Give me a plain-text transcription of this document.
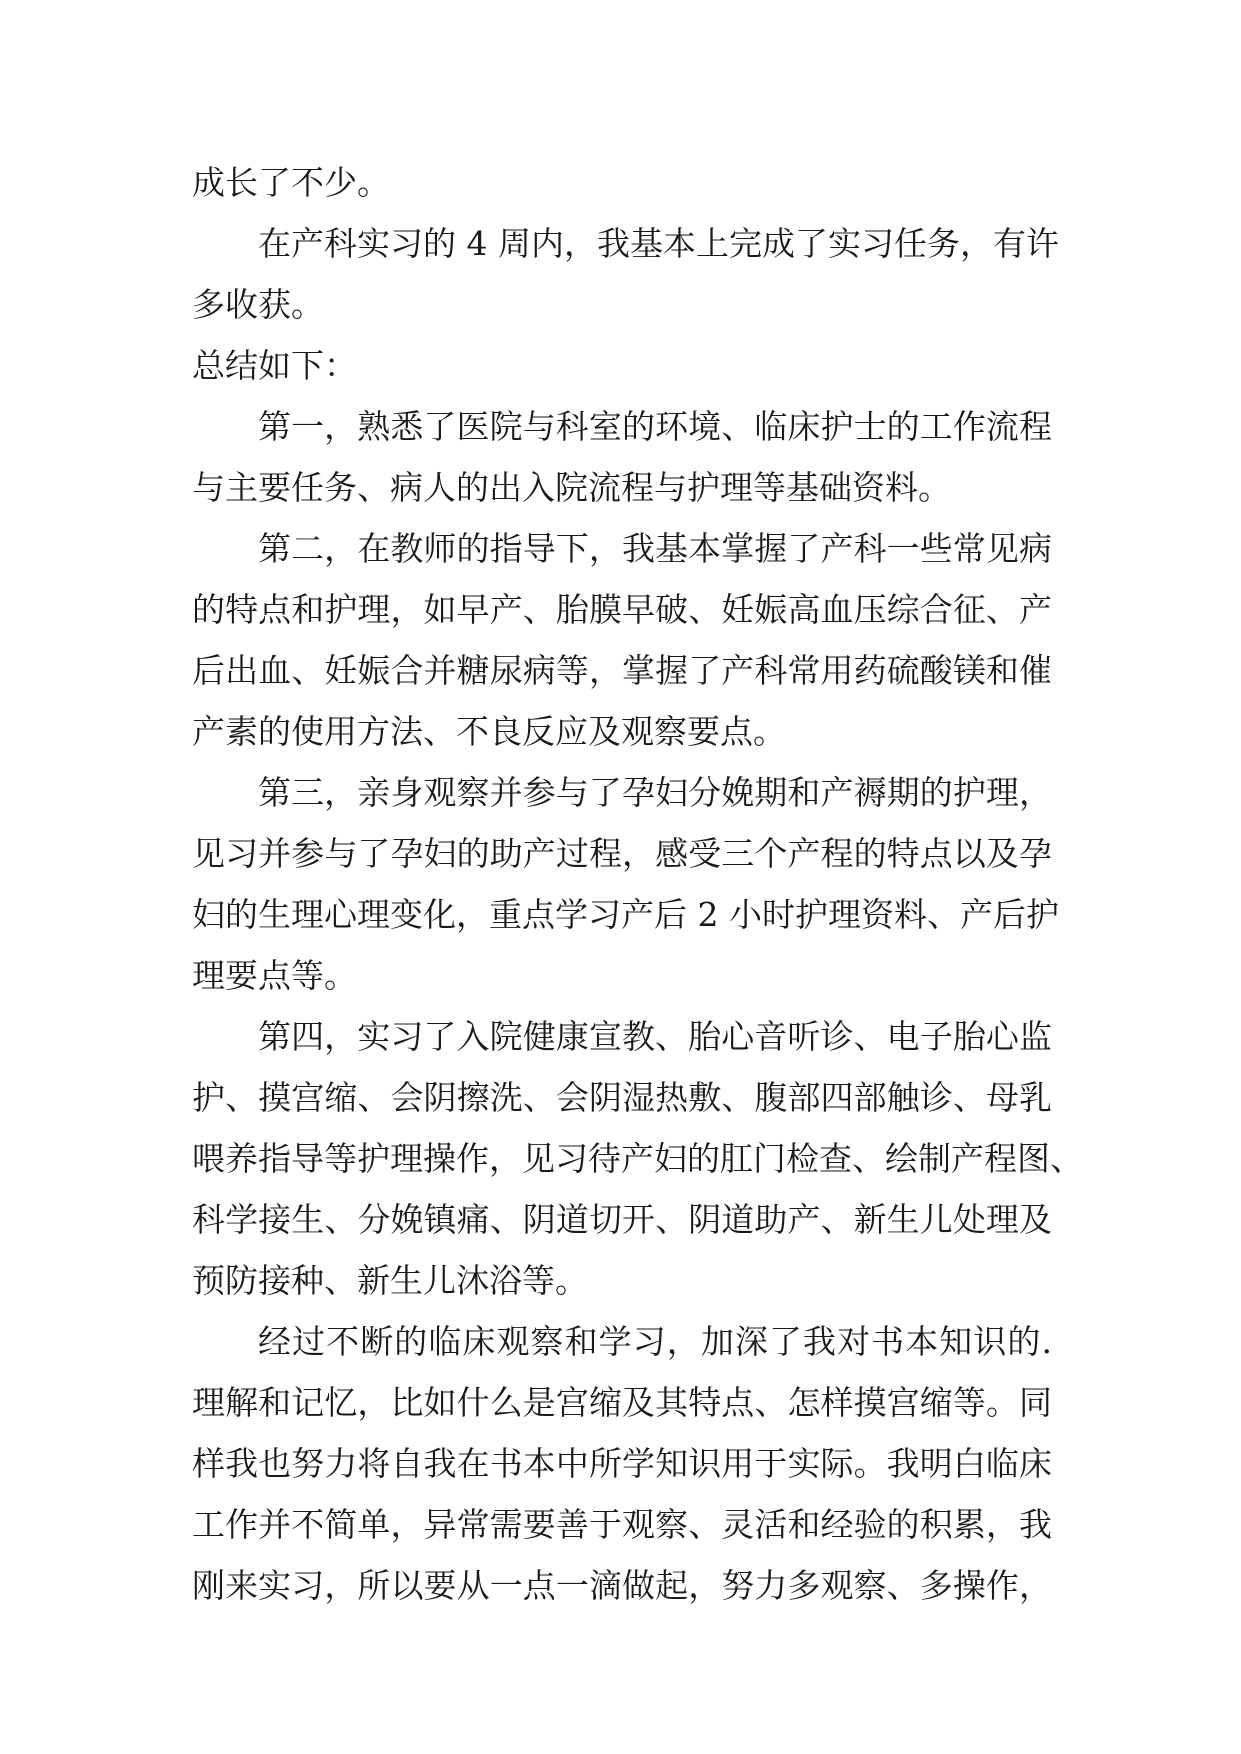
成长了不少。
在产科实习的 4 周内，我基本上完成了实习任务，有许
多收获。
总结如下：
第一，熟悉了医院与科室的环境、临床护士的工作流程
与主要任务、病人的出入院流程与护理等基础资料。
第二，在教师的指导下，我基本掌握了产科一些常见病
的特点和护理，如早产、胎膜早破、妊娠高血压综合征、产
后出血、妊娠合并糖尿病等，掌握了产科常用药硫酸镁和催
产素的使用方法、不良反应及观察要点。
第三，亲身观察并参与了孕妇分娩期和产褥期的护理，
见习并参与了孕妇的助产过程，感受三个产程的特点以及孕
妇的生理心理变化，重点学习产后 2 小时护理资料、产后护
理要点等。
第四，实习了入院健康宣教、胎心音听诊、电子胎心监
护、摸宫缩、会阴擦洗、会阴湿热敷、腹部四部触诊、母乳
喂养指导等护理操作，见习待产妇的肛门检查、绘制产程图、
科学接生、分娩镇痛、阴道切开、阴道助产、新生儿处理及
预防接种、新生儿沐浴等。
经过不断的临床观察和学习，加深了我对书本知识的.
理解和记忆，比如什么是宫缩及其特点、怎样摸宫缩等。同
样我也努力将自我在书本中所学知识用于实际。我明白临床
工作并不简单，异常需要善于观察、灵活和经验的积累，我
刚来实习，所以要从一点一滴做起，努力多观察、多操作，
